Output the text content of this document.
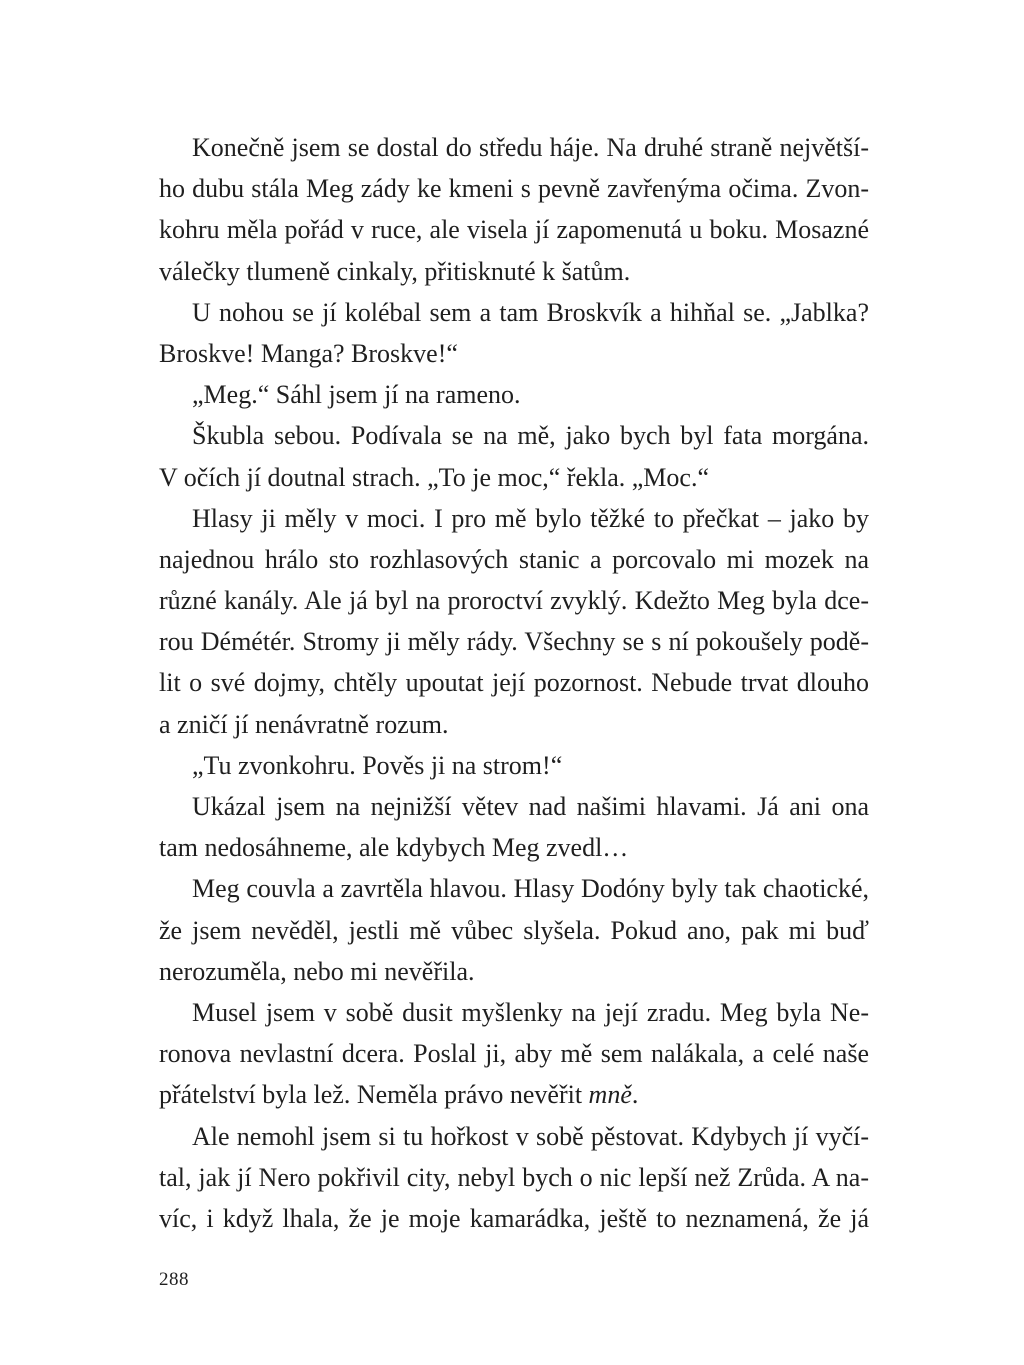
Konečně jsem se dostal do středu háje. Na druhé straně největší-
ho dubu stála Meg zády ke kmeni s pevně zavřenýma očima. Zvon-
kohru měla pořád v ruce, ale visela jí zapomenutá u boku. Mosazné
válečky tlumeně cinkaly, přitisknuté k šatům.
U nohou se jí kolébal sem a tam Broskvík a hihňal se. „Jablka?
Broskve! Manga? Broskve!“
„Meg.“ Sáhl jsem jí na rameno.
Škubla sebou. Podívala se na mě, jako bych byl fata morgána.
V očích jí doutnal strach. „To je moc,“ řekla. „Moc.“
Hlasy ji měly v moci. I pro mě bylo těžké to přečkat – jako by
najednou hrálo sto rozhlasových stanic a porcovalo mi mozek na
různé kanály. Ale já byl na proroctví zvyklý. Kdežto Meg byla dce-
rou Démétér. Stromy ji měly rády. Všechny se s ní pokoušely podě-
lit o své dojmy, chtěly upoutat její pozornost. Nebude trvat dlouho
a zničí jí nenávratně rozum.
„Tu zvonkohru. Pověs ji na strom!“
Ukázal jsem na nejnižší větev nad našimi hlavami. Já ani ona
tam nedosáhneme, ale kdybych Meg zvedl…
Meg couvla a zavrtěla hlavou. Hlasy Dodóny byly tak chaotické,
že jsem nevěděl, jestli mě vůbec slyšela. Pokud ano, pak mi buď
nerozuměla, nebo mi nevěřila.
Musel jsem v sobě dusit myšlenky na její zradu. Meg byla Ne-
ronova nevlastní dcera. Poslal ji, aby mě sem nalákala, a celé naše
přátelství byla lež. Neměla právo nevěřit mně.
Ale nemohl jsem si tu hořkost v sobě pěstovat. Kdybych jí vyčí-
tal, jak jí Nero pokřivil city, nebyl bych o nic lepší než Zrůda. A na-
víc, i když lhala, že je moje kamarádka, ještě to neznamená, že já
288
